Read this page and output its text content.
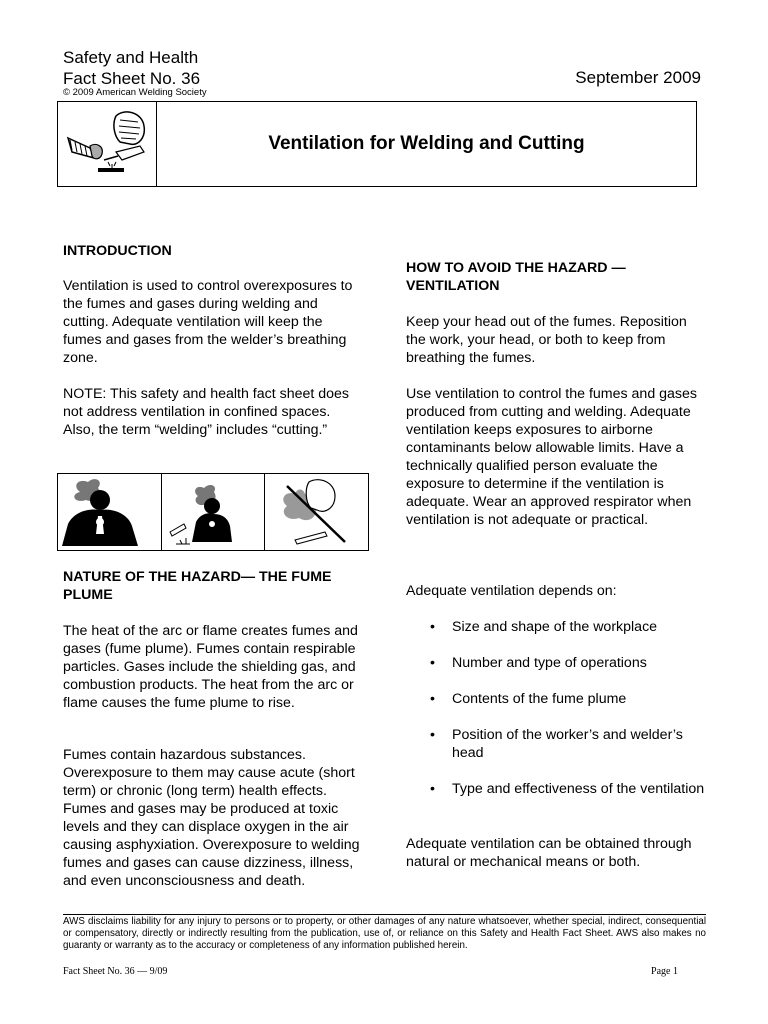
Safety and Health
Fact Sheet No. 36	September 2009
© 2009 American Welding Society
Ventilation for Welding and Cutting

INTRODUCTION

Ventilation is used to control overexposures to the fumes and gases during welding and cutting. Adequate ventilation will keep the fumes and gases from the welder’s breathing zone.

NOTE: This safety and health fact sheet does not address ventilation in confined spaces. Also, the term “welding” includes “cutting.”

NATURE OF THE HAZARD— THE FUME PLUME

The heat of the arc or flame creates fumes and gases (fume plume). Fumes contain respirable particles. Gases include the shielding gas, and combustion products. The heat from the arc or flame causes the fume plume to rise.

Fumes contain hazardous substances. Overexposure to them may cause acute (short term) or chronic (long term) health effects. Fumes and gases may be produced at toxic levels and they can displace oxygen in the air causing asphyxiation. Overexposure to welding fumes and gases can cause dizziness, illness, and even unconsciousness and death.

HOW TO AVOID THE HAZARD — VENTILATION

Keep your head out of the fumes. Reposition the work, your head, or both to keep from breathing the fumes.

Use ventilation to control the fumes and gases produced from cutting and welding. Adequate ventilation keeps exposures to airborne contaminants below allowable limits. Have a technically qualified person evaluate the exposure to determine if the ventilation is adequate. Wear an approved respirator when ventilation is not adequate or practical.

Adequate ventilation depends on:

• Size and shape of the workplace
• Number and type of operations
• Contents of the fume plume
• Position of the worker’s and welder’s head
• Type and effectiveness of the ventilation

Adequate ventilation can be obtained through natural or mechanical means or both.

AWS disclaims liability for any injury to persons or to property, or other damages of any nature whatsoever, whether special, indirect, consequential or compensatory, directly or indirectly resulting from the publication, use of, or reliance on this Safety and Health Fact Sheet. AWS also makes no guaranty or warranty as to the accuracy or completeness of any information published herein.
Fact Sheet No. 36 — 9/09	Page 1
